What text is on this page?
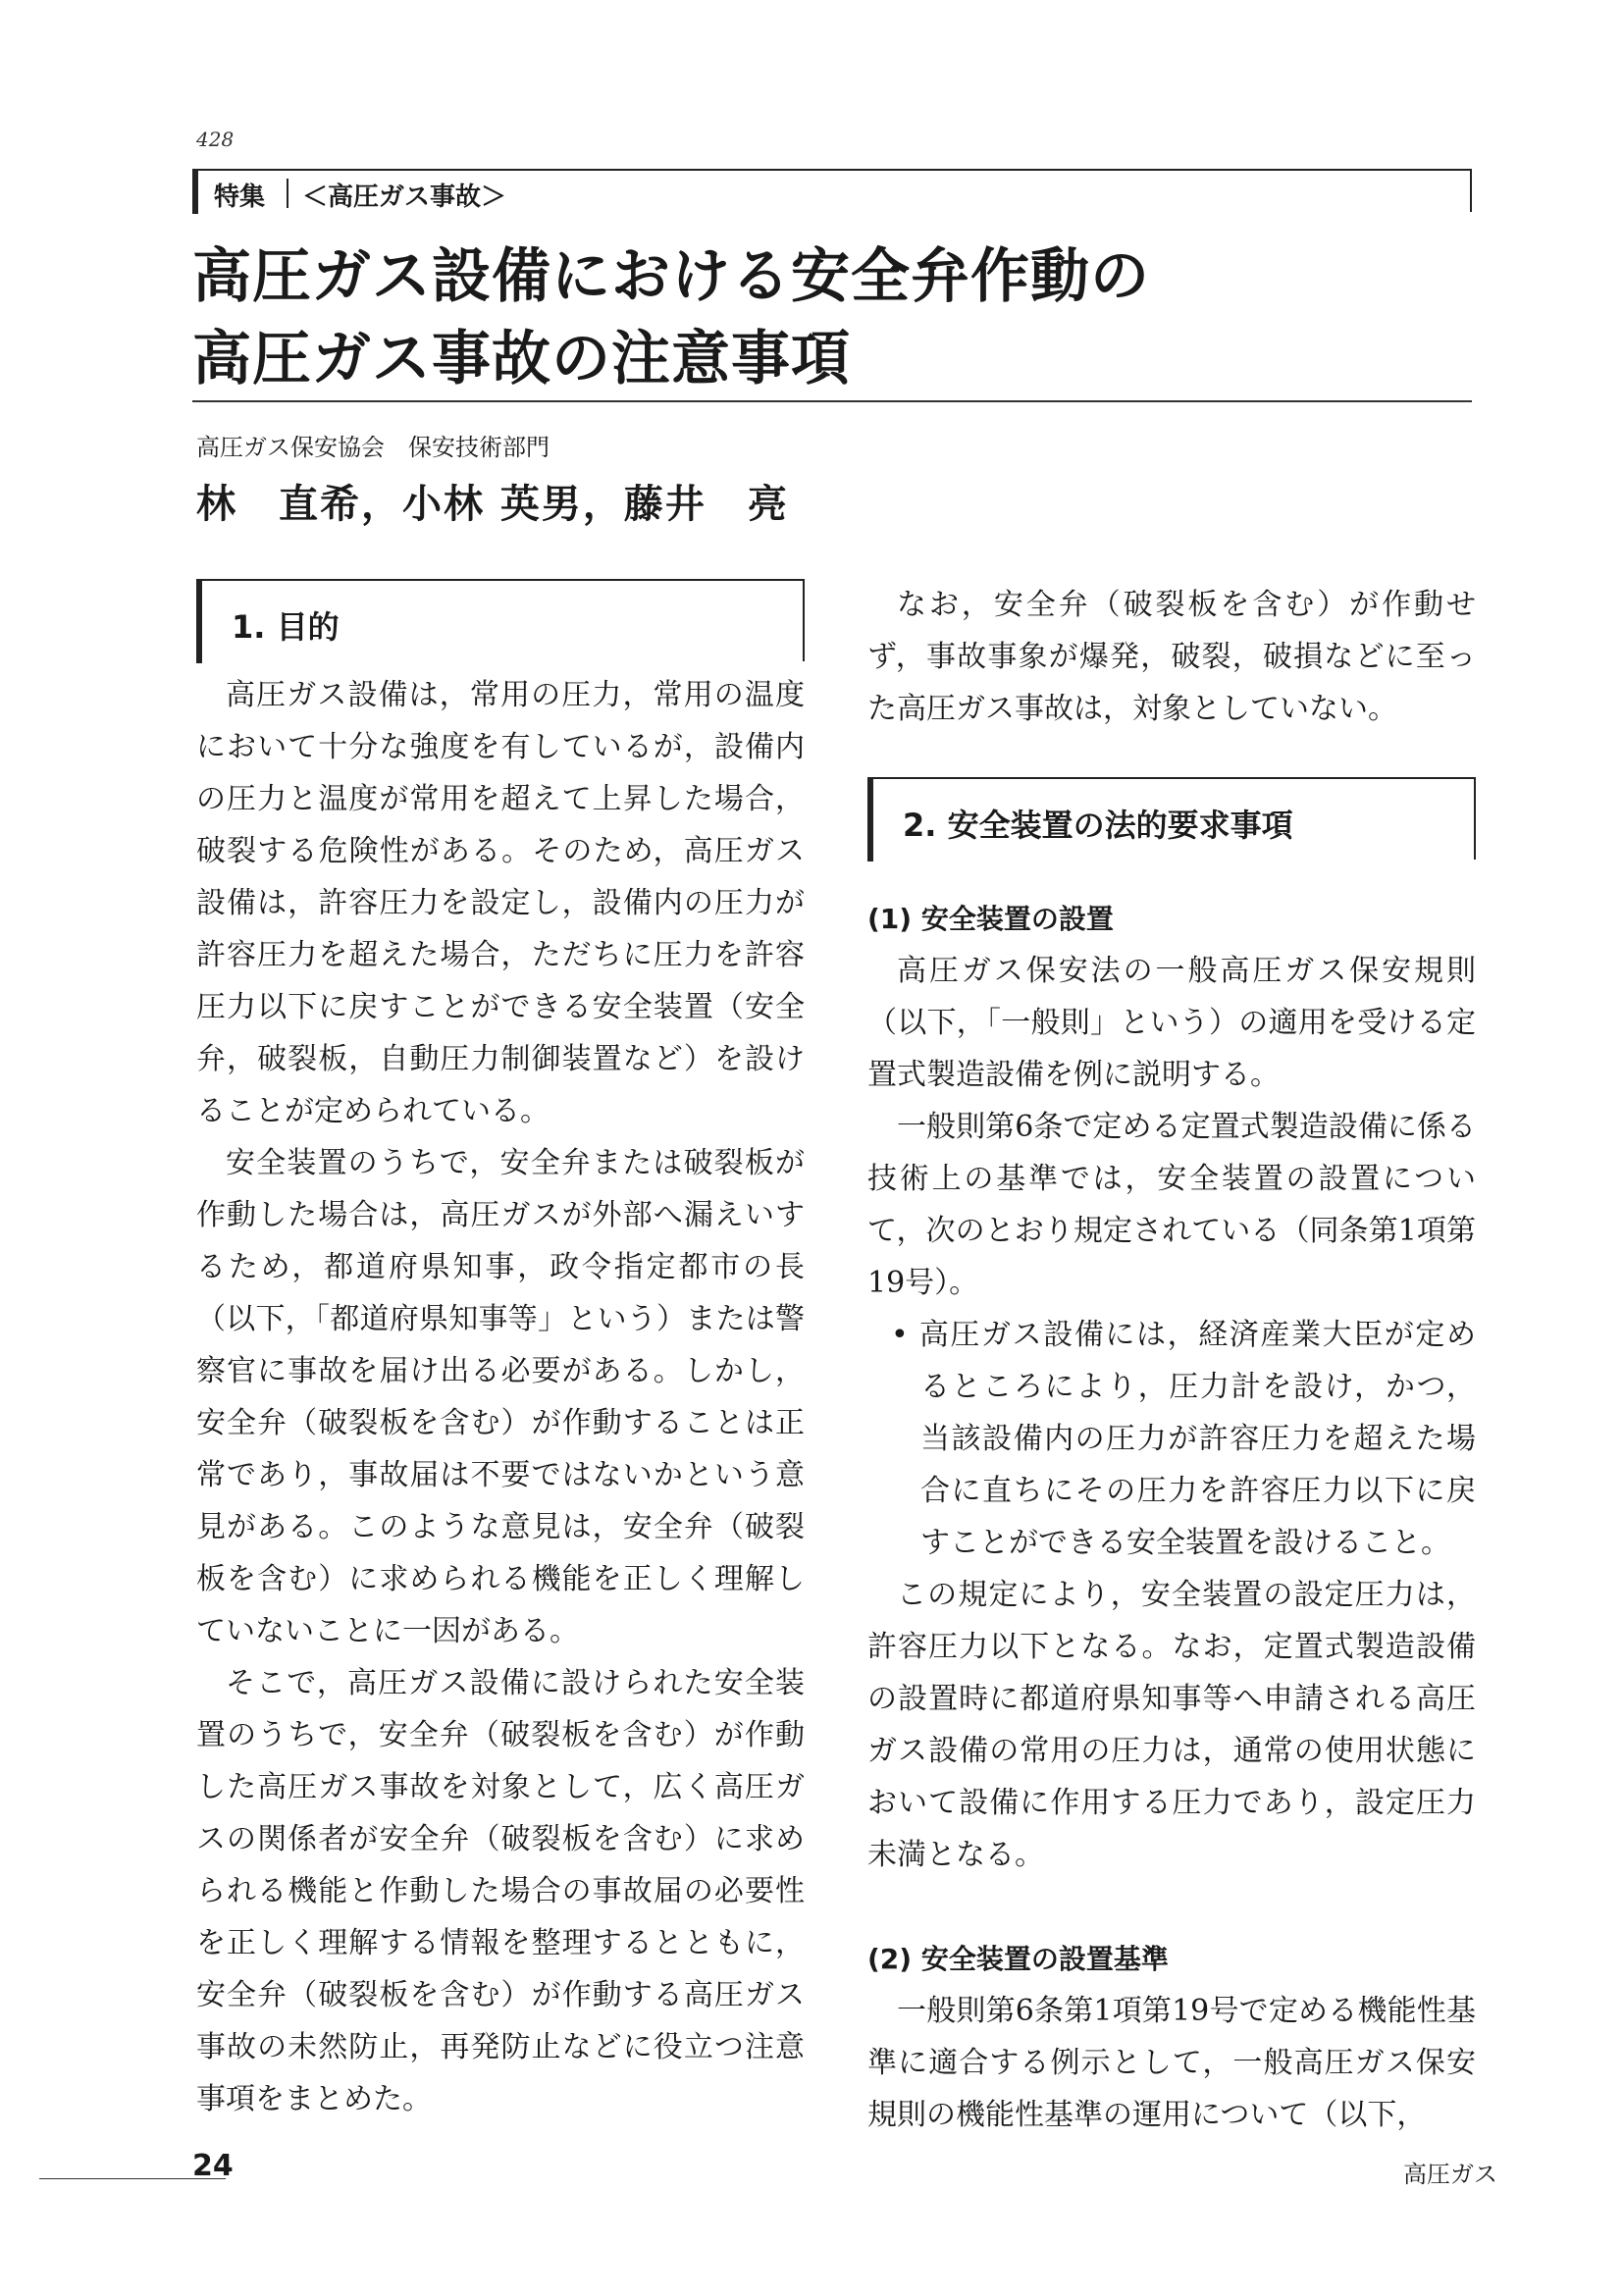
428
特集 ＜高圧ガス事故＞
高圧ガス設備における安全弁作動の
高圧ガス事故の注意事項
高圧ガス保安協会　保安技術部門
林　直希，小林 英男，藤井　亮
1. 目的

高圧ガス設備は，常用の圧力，常用の温度において十分な強度を有しているが，設備内の圧力と温度が常用を超えて上昇した場合，破裂する危険性がある。そのため，高圧ガス設備は，許容圧力を設定し，設備内の圧力が許容圧力を超えた場合，ただちに圧力を許容圧力以下に戻すことができる安全装置（安全弁，破裂板，自動圧力制御装置など）を設けることが定められている。

安全装置のうちで，安全弁または破裂板が作動した場合は，高圧ガスが外部へ漏えいするため，都道府県知事，政令指定都市の長（以下，「都道府県知事等」という）または警察官に事故を届け出る必要がある。しかし，安全弁（破裂板を含む）が作動することは正常であり，事故届は不要ではないかという意見がある。このような意見は，安全弁（破裂板を含む）に求められる機能を正しく理解していないことに一因がある。

そこで，高圧ガス設備に設けられた安全装置のうちで，安全弁（破裂板を含む）が作動した高圧ガス事故を対象として，広く高圧ガスの関係者が安全弁（破裂板を含む）に求められる機能と作動した場合の事故届の必要性を正しく理解する情報を整理するとともに，安全弁（破裂板を含む）が作動する高圧ガス事故の未然防止，再発防止などに役立つ注意事項をまとめた。

なお，安全弁（破裂板を含む）が作動せず，事故事象が爆発，破裂，破損などに至った高圧ガス事故は，対象としていない。

2. 安全装置の法的要求事項

(1) 安全装置の設置

高圧ガス保安法の一般高圧ガス保安規則（以下，「一般則」という）の適用を受ける定置式製造設備を例に説明する。

一般則第6条で定める定置式製造設備に係る技術上の基準では，安全装置の設置について，次のとおり規定されている（同条第1項第19号）。

• 高圧ガス設備には，経済産業大臣が定めるところにより，圧力計を設け，かつ，当該設備内の圧力が許容圧力を超えた場合に直ちにその圧力を許容圧力以下に戻すことができる安全装置を設けること。

この規定により，安全装置の設定圧力は，許容圧力以下となる。なお，定置式製造設備の設置時に都道府県知事等へ申請される高圧ガス設備の常用の圧力は，通常の使用状態において設備に作用する圧力であり，設定圧力未満となる。

(2) 安全装置の設置基準

一般則第6条第1項第19号で定める機能性基準に適合する例示として，一般高圧ガス保安規則の機能性基準の運用について（以下，

24	高圧ガス
